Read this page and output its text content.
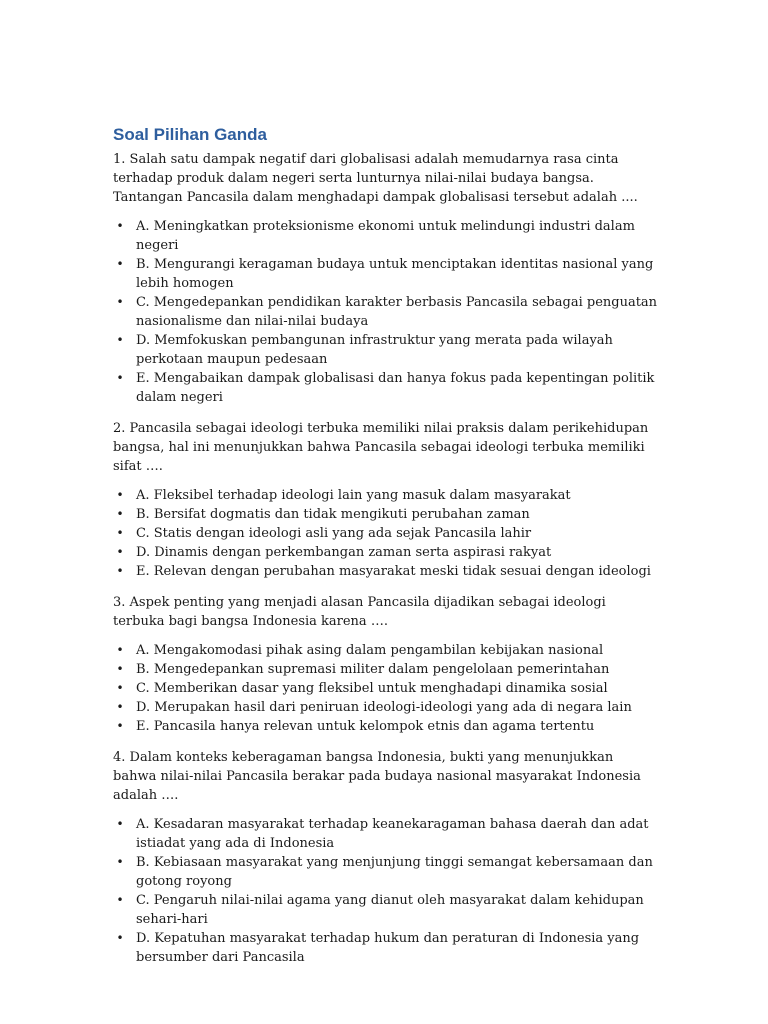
Soal Pilihan Ganda

1. Salah satu dampak negatif dari globalisasi adalah memudarnya rasa cinta terhadap produk dalam negeri serta lunturnya nilai-nilai budaya bangsa. Tantangan Pancasila dalam menghadapi dampak globalisasi tersebut adalah ....

• A. Meningkatkan proteksionisme ekonomi untuk melindungi industri dalam negeri
• B. Mengurangi keragaman budaya untuk menciptakan identitas nasional yang lebih homogen
• C. Mengedepankan pendidikan karakter berbasis Pancasila sebagai penguatan nasionalisme dan nilai-nilai budaya
• D. Memfokuskan pembangunan infrastruktur yang merata pada wilayah perkotaan maupun pedesaan
• E. Mengabaikan dampak globalisasi dan hanya fokus pada kepentingan politik dalam negeri

2. Pancasila sebagai ideologi terbuka memiliki nilai praksis dalam perikehidupan bangsa, hal ini menunjukkan bahwa Pancasila sebagai ideologi terbuka memiliki sifat ….

• A. Fleksibel terhadap ideologi lain yang masuk dalam masyarakat
• B. Bersifat dogmatis dan tidak mengikuti perubahan zaman
• C. Statis dengan ideologi asli yang ada sejak Pancasila lahir
• D. Dinamis dengan perkembangan zaman serta aspirasi rakyat
• E. Relevan dengan perubahan masyarakat meski tidak sesuai dengan ideologi

3. Aspek penting yang menjadi alasan Pancasila dijadikan sebagai ideologi terbuka bagi bangsa Indonesia karena ….

• A. Mengakomodasi pihak asing dalam pengambilan kebijakan nasional
• B. Mengedepankan supremasi militer dalam pengelolaan pemerintahan
• C. Memberikan dasar yang fleksibel untuk menghadapi dinamika sosial
• D. Merupakan hasil dari peniruan ideologi-ideologi yang ada di negara lain
• E. Pancasila hanya relevan untuk kelompok etnis dan agama tertentu

4. Dalam konteks keberagaman bangsa Indonesia, bukti yang menunjukkan bahwa nilai-nilai Pancasila berakar pada budaya nasional masyarakat Indonesia adalah ….

• A. Kesadaran masyarakat terhadap keanekaragaman bahasa daerah dan adat istiadat yang ada di Indonesia
• B. Kebiasaan masyarakat yang menjunjung tinggi semangat kebersamaan dan gotong royong
• C. Pengaruh nilai-nilai agama yang dianut oleh masyarakat dalam kehidupan sehari-hari
• D. Kepatuhan masyarakat terhadap hukum dan peraturan di Indonesia yang bersumber dari Pancasila
